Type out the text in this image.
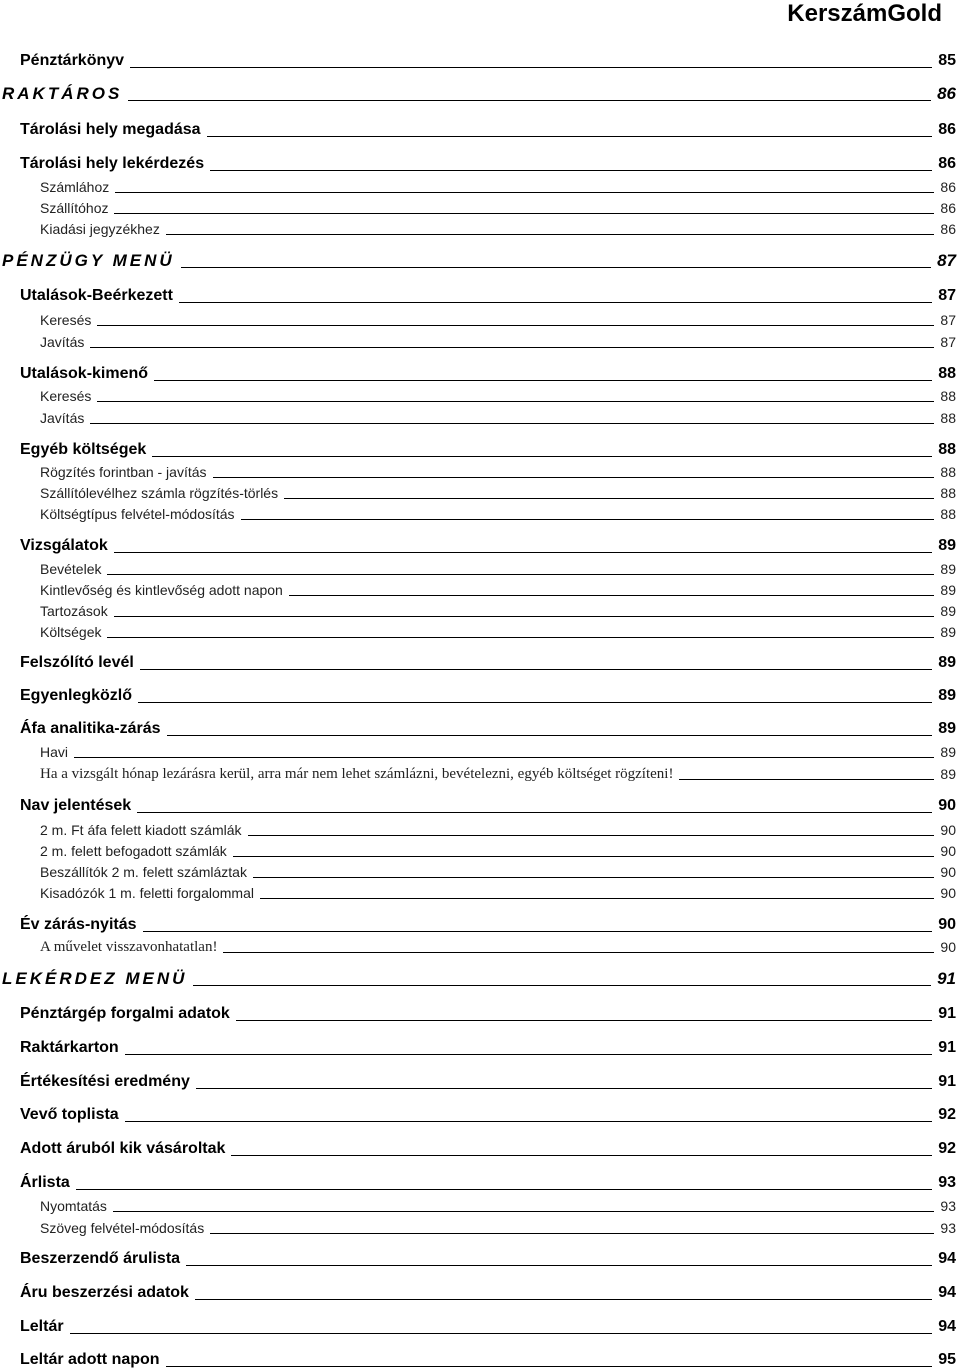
KerszámGold
Pénztárkönyv	85
RAKTÁROS	86
Tárolási hely megadása	86
Tárolási hely lekérdezés	86
Számlához	86
Szállítóhoz	86
Kiadási jegyzékhez	86
PÉNZÜGY MENÜ	87
Utalások-Beérkezett	87
Keresés	87
Javítás	87
Utalások-kimenő	88
Keresés	88
Javítás	88
Egyéb költségek	88
Rögzítés forintban - javítás	88
Szállítólevélhez számla rögzítés-törlés	88
Költségtípus felvétel-módosítás	88
Vizsgálatok	89
Bevételek	89
Kintlevőség és kintlevőség adott napon	89
Tartozások	89
Költségek	89
Felszólító levél	89
Egyenlegközlő	89
Áfa analitika-zárás	89
Havi	89
Ha a vizsgált hónap lezárásra kerül, arra már nem lehet számlázni, bevételezni, egyéb költséget rögzíteni!	89
Nav jelentések	90
2 m. Ft áfa felett kiadott számlák	90
2 m. felett befogadott számlák	90
Beszállítók 2 m. felett számláztak	90
Kisadózók 1 m. feletti forgalommal	90
Év zárás-nyitás	90
A művelet visszavonhatatlan!	90
LEKÉRDEZ MENÜ	91
Pénztárgép forgalmi adatok	91
Raktárkarton	91
Értékesítési eredmény	91
Vevő toplista	92
Adott áruból kik vásároltak	92
Árlista	93
Nyomtatás	93
Szöveg felvétel-módosítás	93
Beszerzendő árulista	94
Áru beszerzési adatok	94
Leltár	94
Leltár adott napon	95
